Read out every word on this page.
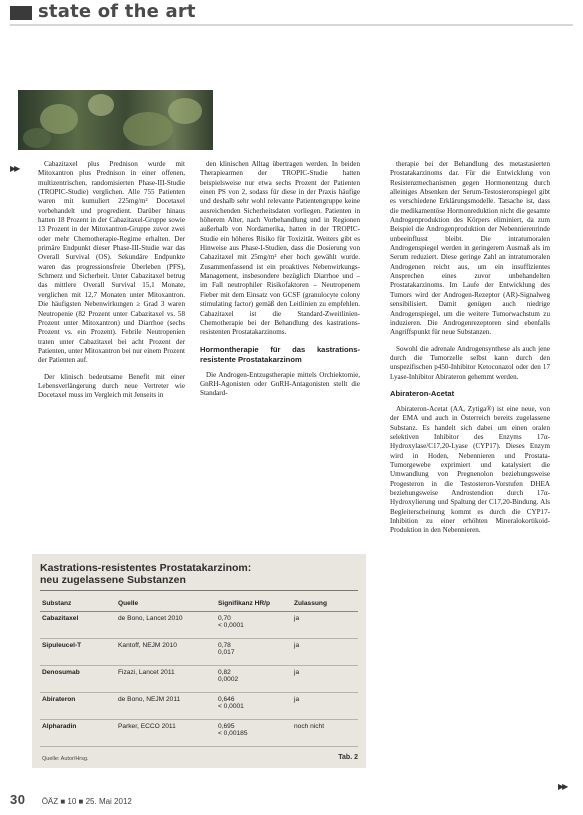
state of the art
▶▶	Cabazitaxel plus Prednison wurde mit Mitoxantron plus Prednison in einer offenen, multizentrischen, randomisierten Phase-III-Studie (TROPIC-Studie) verglichen. Alle 755 Patienten waren mit kumuliert 225mg/m² Docetaxel vorbehandelt und progredient. Darüber hinaus hatten 18 Prozent in der Cabazitaxel-Gruppe sowie 13 Prozent in der Mitoxantron-Gruppe zuvor zwei oder mehr Chemotherapie-Regime erhalten. Der primäre Endpunkt dieser Phase-III-Studie war das Overall Survival (OS). Sekundäre Endpunkte waren das progressionsfreie Überleben (PFS), Schmerz und Sicherheit. Unter Cabazitaxel betrug das mittlere Overall Survival 15,1 Monate, verglichen mit 12,7 Monaten unter Mitoxantron. Die häufigsten Nebenwirkungen ≥ Grad 3 waren Neutropenie (82 Prozent unter Cabazitaxel vs. 58 Prozent unter Mitoxantron) und Diarrhoe (sechs Prozent vs. ein Prozent). Febrile Neutropenien traten unter Cabazitaxel bei acht Prozent der Patienten, unter Mitoxantron bei nur einem Prozent der Patienten auf.

Der klinisch bedeutsame Benefit mit einer Lebensverlängerung durch neue Vertreter wie Docetaxel muss im Vergleich mit Jenseits in

den klinischen Alltag übertragen werden. In beiden Therapiearmen der TROPIC-Studie hatten beispielsweise nur etwa sechs Prozent der Patienten einen PS von 2, sodass für diese in der Praxis häufige und deshalb sehr wohl relevante Patientengruppe keine ausreichenden Sicherheitsdaten vorliegen. Patienten in höherem Alter, nach Vorbehandlung und in Regionen außerhalb von Nordamerika, hatten in der TROPIC-Studie ein höheres Risiko für Toxizität. Weiters gibt es Hinweise aus Phase-I-Studien, dass die Dosierung von Cabazitaxel mit 25mg/m² eher hoch gewählt wurde. Zusammenfassend ist ein proaktives Nebenwirkungs-Management, insbesondere bezüglich Diarrhoe und – im Fall neutrophiler Risikofaktoren – Neutropenem Fieber mit dem Einsatz von GCSF (granulocyte colony stimulating factor) gemäß den Leitlinien zu empfehlen. Cabazitaxel ist die Standard-Zweitlinien-Chemotherapie bei der Behandlung des kastrations-resistenten Prostatakarzinoms.

Hormontherapie für das kastrations-resistente Prostatakarzinom

Die Androgen-Entzugstherapie mittels Orchiektomie, GnRH-Agonisten oder GnRH-Antagonisten stellt die Standard-

therapie bei der Behandlung des metastasierten Prostatakarzinoms dar. Für die Entwicklung von Resistenzmechanismen gegen Hormonentzug durch alleiniges Absenken der Serum-Testosteronspiegel gibt es verschiedene Erklärungsmodelle. Tatsache ist, dass die medikamentöse Hormonreduktion nicht die gesamte Androgenproduktion des Körpers eliminiert, da zum Beispiel die Androgenproduktion der Nebennierenrinde unbeeinflusst bleibt. Die intratumoralen Androgenspiegel werden in geringerem Ausmaß als im Serum reduziert. Diese geringe Zahl an intratumoralen Androgenen reicht aus, um ein insuffizientes Ansprechen eines zuvor unbehandelten Prostatakarzinoms. Im Laufe der Entwicklung des Tumors wird der Androgen-Rezeptor (AR)-Signalweg sensibilisiert. Damit genügen auch niedrige Androgenspiegel, um die weitere Tumorwachstum zu induzieren. Die Androgenrezeptoren sind ebenfalls Angriffspunkt für neue Substanzen.

Sowohl die adrenale Androgensynthese als auch jene durch die Tumorzelle selbst kann durch den unspezifischen p450-Inhibitor Ketoconazol oder den 17 Lyase-Inhibitor Abirateron gehemmt werden.

Abirateron-Acetat

Abirateron-Acetat (AA, Zytiga®) ist eine neue, von der EMA und auch in Österreich bereits zugelassene Substanz. Es handelt sich dabei um einen oralen selektiven Inhibitor des Enzyms 17α-Hydroxylase/C17,20-Lyase (CYP17). Dieses Enzym wird in Hoden, Nebennieren und Prostata-Tumorgewebe exprimiert und katalysiert die Umwandlung von Pregnenolon beziehungsweise Progesteron in die Testosteron-Vorstufen DHEA beziehungsweise Androstendion durch 17α-Hydroxylierung und Spaltung der C17,20-Bindung. Als Begleiterscheinung kommt es durch die CYP17-Inhibition zu einer erhöhten Mineralokortikoid-Produktion in den Nebennieren.

Kastrations-resistentes Prostatakarzinom:
neu zugelassene Substanzen
Substanz	Quelle	Signifikanz HR/p	Zulassung
Cabazitaxel	de Bono, Lancet 2010	0,70
< 0,0001	ja
Sipuleucel-T	Kantoff, NEJM 2010	0,78
0,017	ja
Denosumab	Fizazi, Lancet 2011	0,82
0,0002	ja
Abirateron	de Bono, NEJM 2011	0,646
< 0,0001	ja
Alpharadin	Parker, ECCO 2011	0,695
< 0,00185	noch nicht
Quelle: Autor/Hrsg.	Tab. 2
▶▶
30 ÖÄZ ■ 10 ■ 25. Mai 2012
